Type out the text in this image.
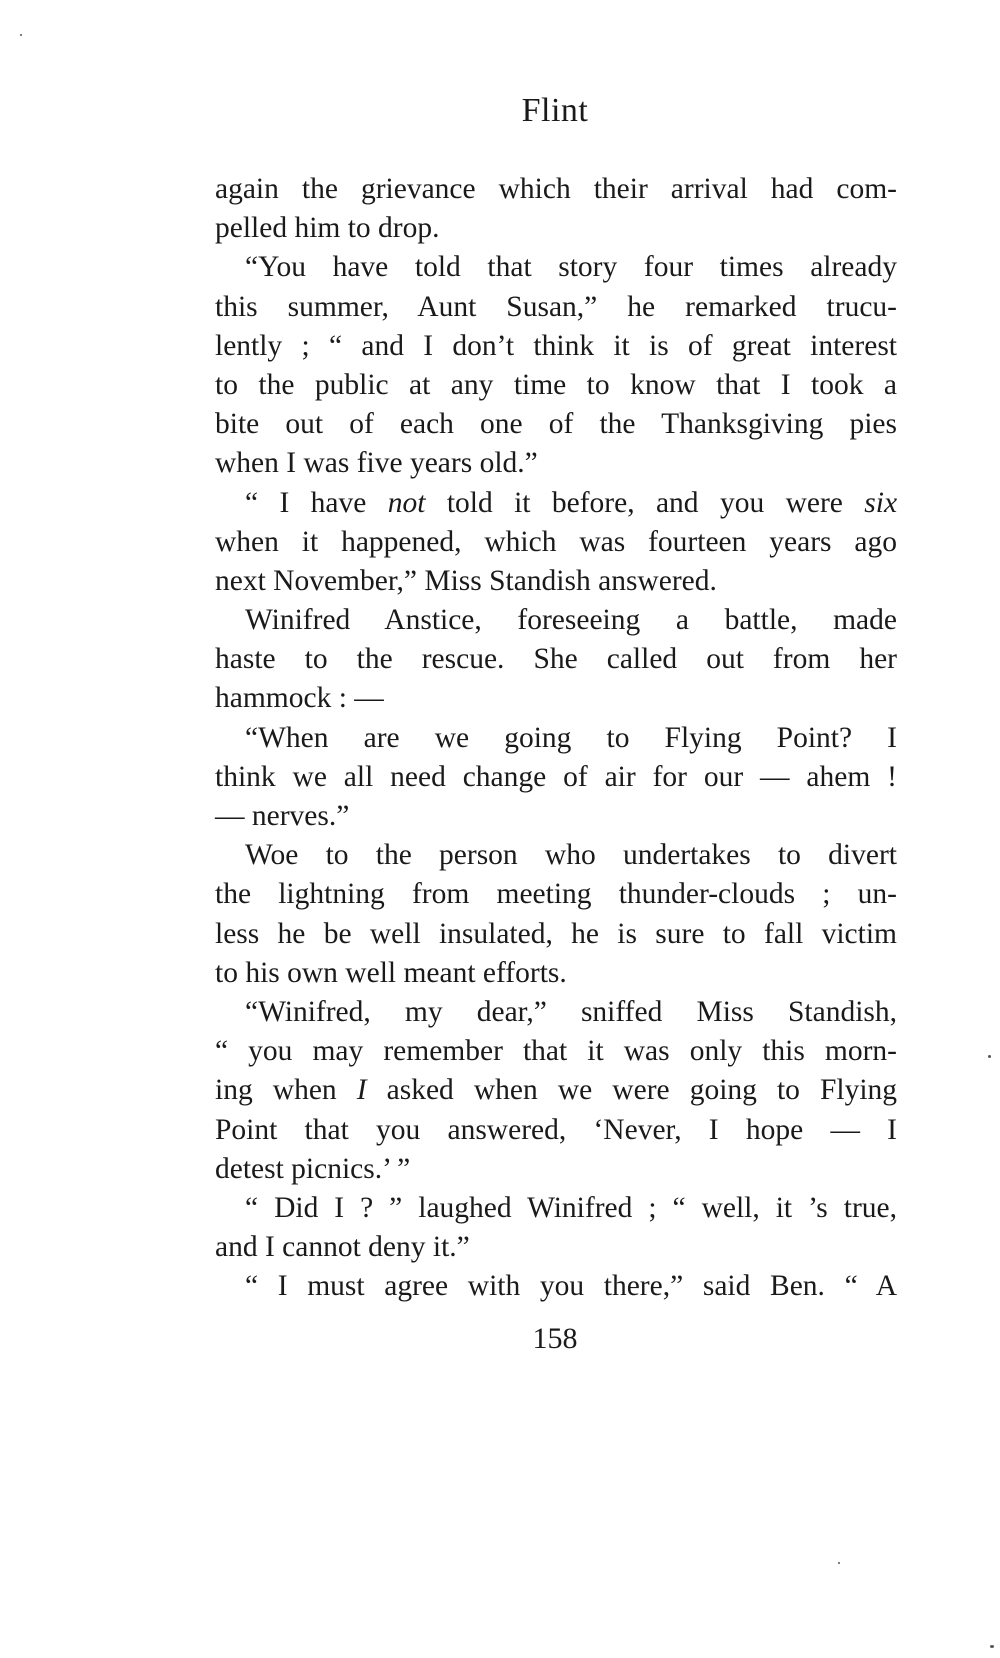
Flint
again the grievance which their arrival had com-
pelled him to drop.
“You have told that story four times already
this summer, Aunt Susan,” he remarked trucu-
lently ; “ and I don’t think it is of great interest
to the public at any time to know that I took a
bite out of each one of the Thanksgiving pies
when I was five years old.”
“ I have not told it before, and you were six
when it happened, which was fourteen years ago
next November,” Miss Standish answered.
Winifred Anstice, foreseeing a battle, made
haste to the rescue. She called out from her
hammock : —
“When are we going to Flying Point? I
think we all need change of air for our — ahem !
— nerves.”
Woe to the person who undertakes to divert
the lightning from meeting thunder-clouds ; un-
less he be well insulated, he is sure to fall victim
to his own well meant efforts.
“Winifred, my dear,” sniffed Miss Standish,
“ you may remember that it was only this morn-
ing when I asked when we were going to Flying
Point that you answered, ‘Never, I hope — I
detest picnics.’ ”
“ Did I ? ” laughed Winifred ; “ well, it ’s true,
and I cannot deny it.”
“ I must agree with you there,” said Ben. “ A
158
